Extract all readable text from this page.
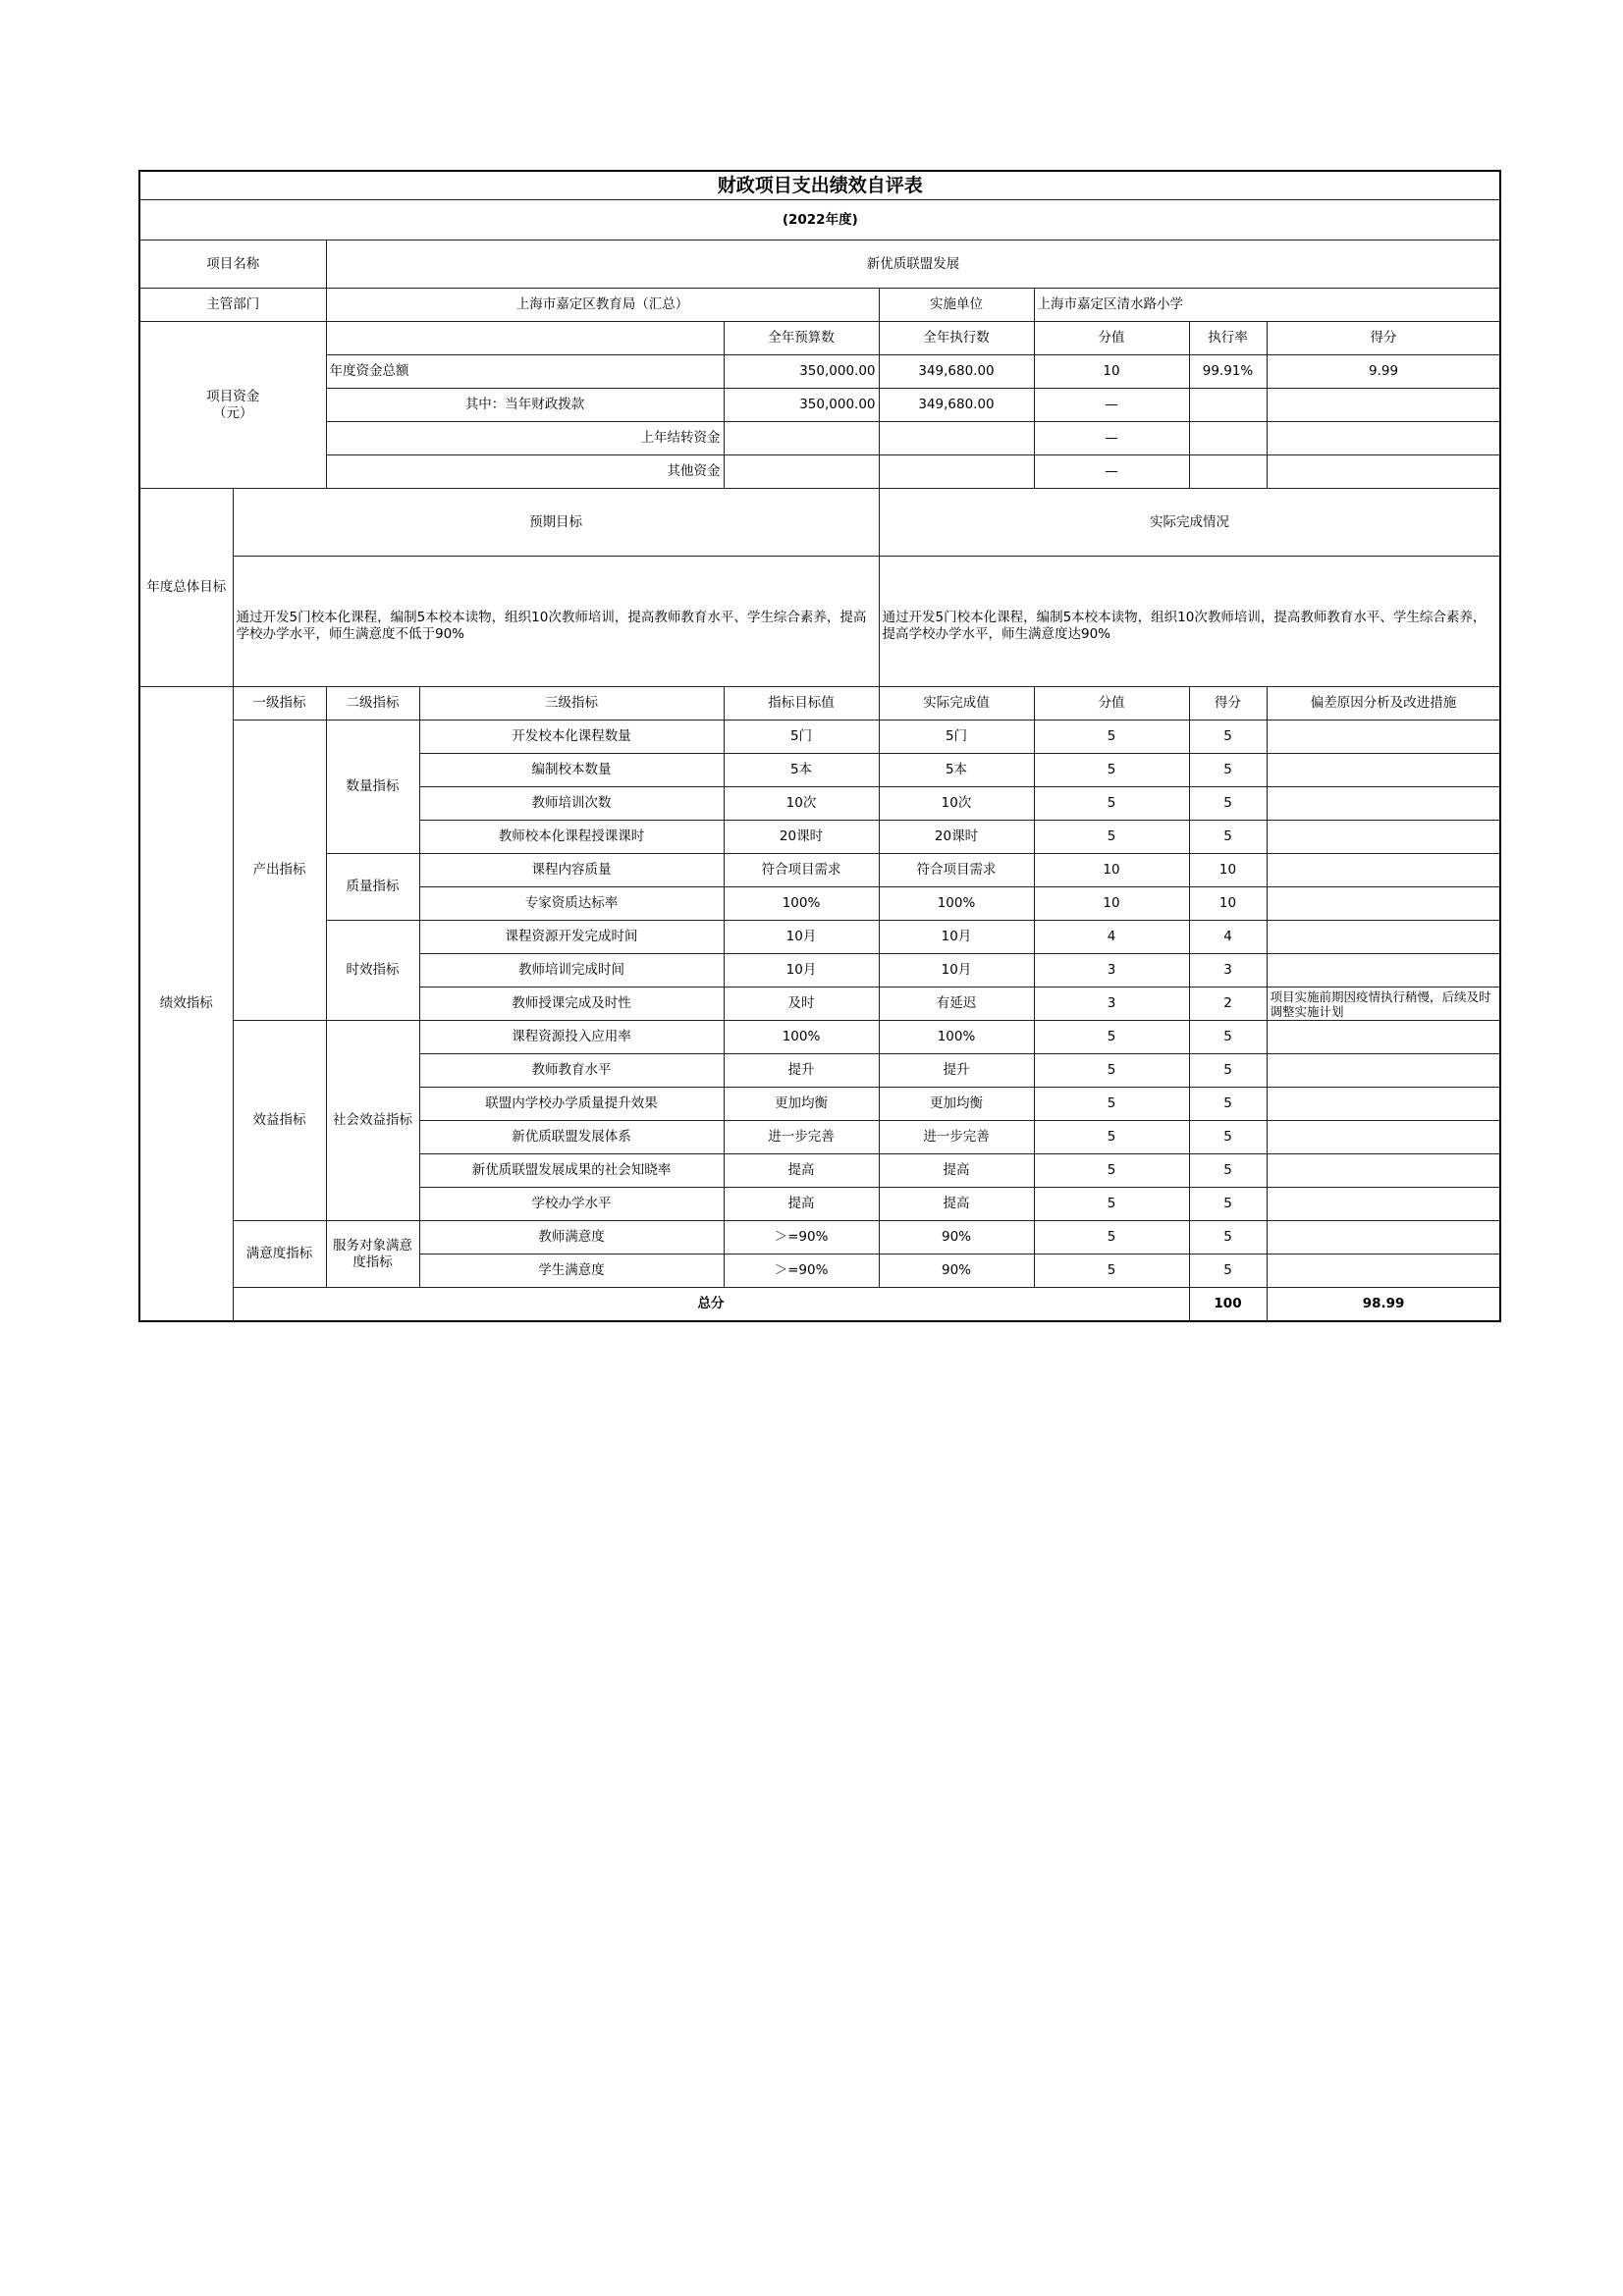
财政项目支出绩效自评表									
(2022年度)									
项目名称		新优质联盟发展							
主管部门		上海市嘉定区教育局（汇总）			实施单位	上海市嘉定区清水路小学			
项目资金
（元）				全年预算数	全年执行数	分值	执行率	得分	
		年度资金总额		350,000.00	349,680.00	10	99.91%	9.99	
		其中：当年财政拨款		350,000.00	349,680.00	—			
		上年结转资金				—			
		其他资金				—			
年度总体目标	预期目标				实际完成情况				
	通过开发5门校本化课程，编制5本校本读物，组织10次教师培训，提高教师教育水平、学生综合素养，提高学校办学水平，师生满意度不低于90%				通过开发5门校本化课程，编制5本校本读物，组织10次教师培训，提高教师教育水平、学生综合素养，提高学校办学水平，师生满意度达90%				
绩效指标	一级指标	二级指标	三级指标	指标目标值	实际完成值	分值	得分	偏差原因分析及改进措施	
	产出指标	数量指标	开发校本化课程数量	5门	5门	5	5		
			编制校本数量	5本	5本	5	5		
			教师培训次数	10次	10次	5	5		
			教师校本化课程授课课时	20课时	20课时	5	5		
		质量指标	课程内容质量	符合项目需求	符合项目需求	10	10		
			专家资质达标率	100%	100%	10	10		
		时效指标	课程资源开发完成时间	10月	10月	4	4		
			教师培训完成时间	10月	10月	3	3		
			教师授课完成及时性	及时	有延迟	3	2	项目实施前期因疫情执行稍慢，后续及时调整实施计划	
	效益指标	社会效益指标	课程资源投入应用率	100%	100%	5	5		
			教师教育水平	提升	提升	5	5		
			联盟内学校办学质量提升效果	更加均衡	更加均衡	5	5		
			新优质联盟发展体系	进一步完善	进一步完善	5	5		
			新优质联盟发展成果的社会知晓率	提高	提高	5	5		
			学校办学水平	提高	提高	5	5		
	满意度指标	服务对象满意度指标	教师满意度	＞=90%	90%	5	5		
			学生满意度	＞=90%	90%	5	5		
	总分						100	98.99	
